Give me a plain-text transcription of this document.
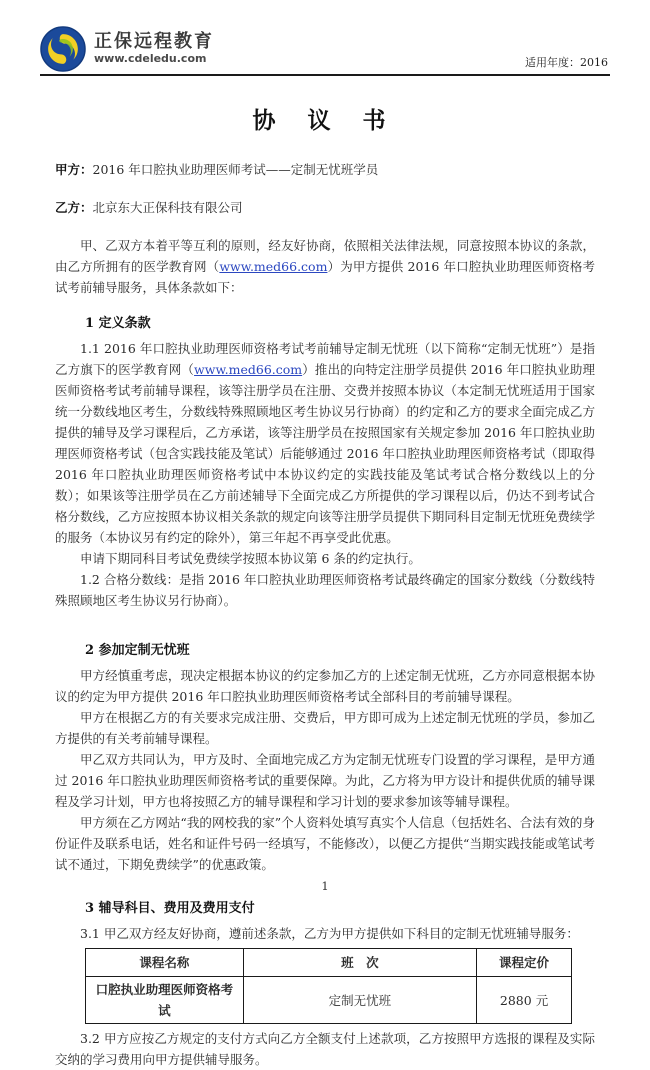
正保远程教育
www.cdeledu.com	适用年度：2016
协 议 书

甲方：2016 年口腔执业助理医师考试——定制无忧班学员

乙方：北京东大正保科技有限公司

甲、乙双方本着平等互利的原则，经友好协商，依照相关法律法规，同意按照本协议的条款，由乙方所拥有的医学教育网（www.med66.com）为甲方提供 2016 年口腔执业助理医师资格考试考前辅导服务，具体条款如下：

1 定义条款

1.1 2016 年口腔执业助理医师资格考试考前辅导定制无忧班（以下简称“定制无忧班”）是指乙方旗下的医学教育网（www.med66.com）推出的向特定注册学员提供 2016 年口腔执业助理医师资格考试考前辅导课程，该等注册学员在注册、交费并按照本协议（本定制无忧班适用于国家统一分数线地区考生，分数线特殊照顾地区考生协议另行协商）的约定和乙方的要求全面完成乙方提供的辅导及学习课程后，乙方承诺，该等注册学员在按照国家有关规定参加 2016 年口腔执业助理医师资格考试（包含实践技能及笔试）后能够通过 2016 年口腔执业助理医师资格考试（即取得 2016 年口腔执业助理医师资格考试中本协议约定的实践技能及笔试考试合格分数线以上的分数）；如果该等注册学员在乙方前述辅导下全面完成乙方所提供的学习课程以后，仍达不到考试合格分数线，乙方应按照本协议相关条款的规定向该等注册学员提供下期同科目定制无忧班免费续学的服务（本协议另有约定的除外），第三年起不再享受此优惠。

申请下期同科目考试免费续学按照本协议第 6 条的约定执行。

1.2 合格分数线：是指 2016 年口腔执业助理医师资格考试最终确定的国家分数线（分数线特殊照顾地区考生协议另行协商）。

2 参加定制无忧班

甲方经慎重考虑，现决定根据本协议的约定参加乙方的上述定制无忧班，乙方亦同意根据本协议的约定为甲方提供 2016 年口腔执业助理医师资格考试全部科目的考前辅导课程。

甲方在根据乙方的有关要求完成注册、交费后，甲方即可成为上述定制无忧班的学员，参加乙方提供的有关考前辅导课程。

甲乙双方共同认为，甲方及时、全面地完成乙方为定制无忧班专门设置的学习课程，是甲方通过 2016 年口腔执业助理医师资格考试的重要保障。为此，乙方将为甲方设计和提供优质的辅导课程及学习计划，甲方也将按照乙方的辅导课程和学习计划的要求参加该等辅导课程。

甲方须在乙方网站“我的网校我的家”个人资料处填写真实个人信息（包括姓名、合法有效的身份证件及联系电话，姓名和证件号码一经填写，不能修改），以便乙方提供“当期实践技能或笔试考试不通过，下期免费续学”的优惠政策。

3 辅导科目、费用及费用支付

3.1 甲乙双方经友好协商，遵前述条款，乙方为甲方提供如下科目的定制无忧班辅导服务：

课程名称	班　次	课程定价
口腔执业助理医师资格考试	定制无忧班	2880 元

3.2 甲方应按乙方规定的支付方式向乙方全额支付上述款项，乙方按照甲方选报的课程及实际交纳的学习费用向甲方提供辅导服务。

1
